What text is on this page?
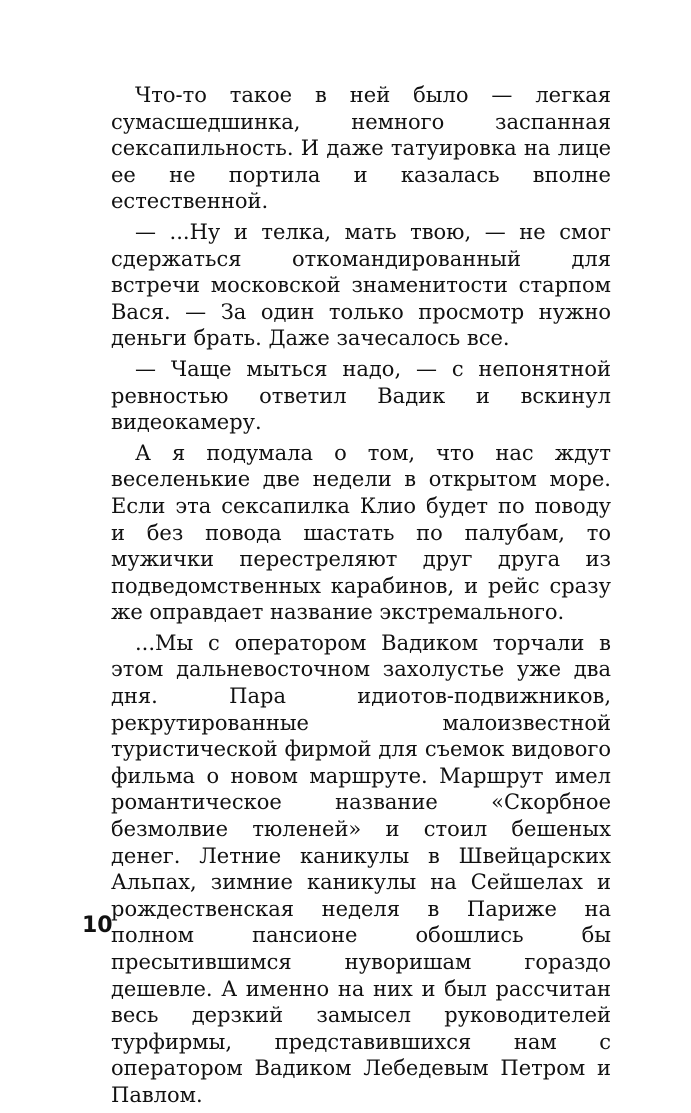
Что-то такое в ней было — легкая сумасшедшинка, немного заспанная сексапильность. И даже татуировка на лице ее не портила и казалась вполне естественной.

— ...Ну и телка, мать твою, — не смог сдержаться откомандированный для встречи московской знаменитости старпом Вася. — За один только просмотр нужно деньги брать. Даже зачесалось все.

— Чаще мыться надо, — с непонятной ревностью ответил Вадик и вскинул видеокамеру.

А я подумала о том, что нас ждут веселенькие две недели в открытом море. Если эта сексапилка Клио будет по поводу и без повода шастать по палубам, то мужички перестреляют друг друга из подведомственных карабинов, и рейс сразу же оправдает название экстремального.

...Мы с оператором Вадиком торчали в этом дальневосточном захолустье уже два дня. Пара идиотов-подвижников, рекрутированные малоизвестной туристической фирмой для съемок видового фильма о новом маршруте. Маршрут имел романтическое название «Скорбное безмолвие тюленей» и стоил бешеных денег. Летние каникулы в Швейцарских Альпах, зимние каникулы на Сейшелах и рождественская неделя в Париже на полном пансионе обошлись бы пресытившимся нуворишам гораздо дешевле. А именно на них и был рассчитан весь дерзкий замысел руководителей турфирмы, представившихся нам с оператором Вадиком Лебедевым Петром и Павлом.

10
